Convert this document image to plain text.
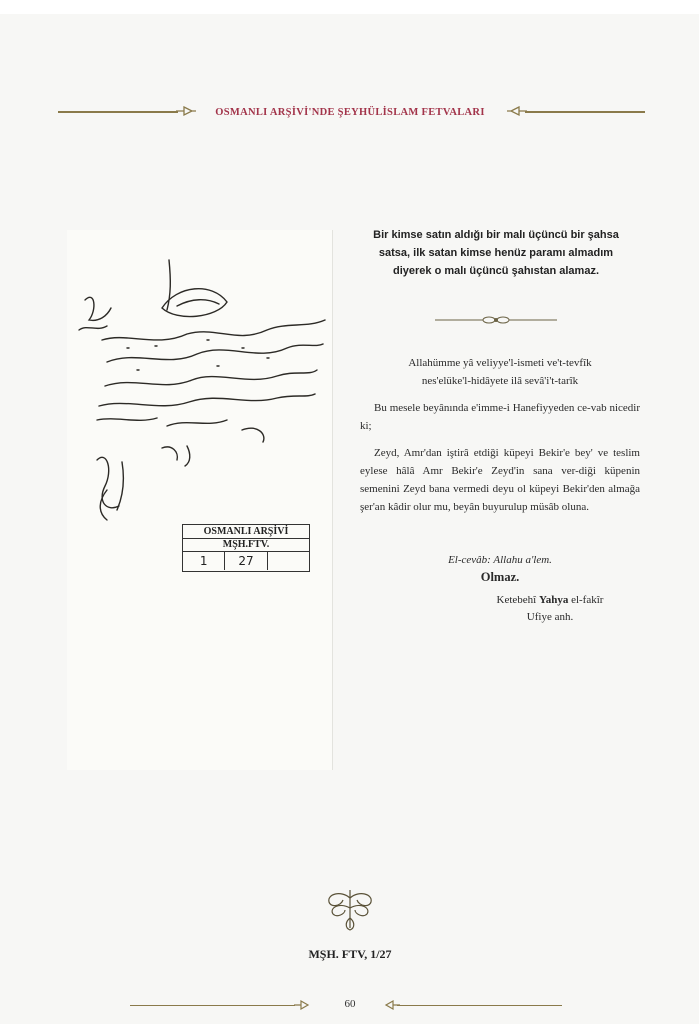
OSMANLI ARŞİVİ'NDE ŞEYHÜLİSLAM FETVALARI
OSMANLI ARŞİVİ
MŞH.FTV.
1	27
Bir kimse satın aldığı bir malı üçüncü bir şahsa satsa, ilk satan kimse henüz paramı almadım diyerek o malı üçüncü şahıstan alamaz.
Allahümme yâ veliyye'l-ismeti ve't-tevfîk
nes'elüke'l-hidâyete ilâ sevâ'i't-tarîk
Bu mesele beyânında e'imme-i Hanefiyyeden ce-vab nicedir ki;
Zeyd, Amr'dan iştirâ etdiği küpeyi Bekir'e bey' ve teslim eylese hâlâ Amr Bekir'e Zeyd'in sana ver-diği küpenin semenini Zeyd bana vermedi deyu ol küpeyi Bekir'den almağa şer'an kâdir olur mu, beyân buyurulup müsâb oluna.
El-cevâb: Allahu a'lem.
Olmaz.
Ketebehî Yahya el-fakîr
Ufiye anh.
MŞH. FTV, 1/27
60
